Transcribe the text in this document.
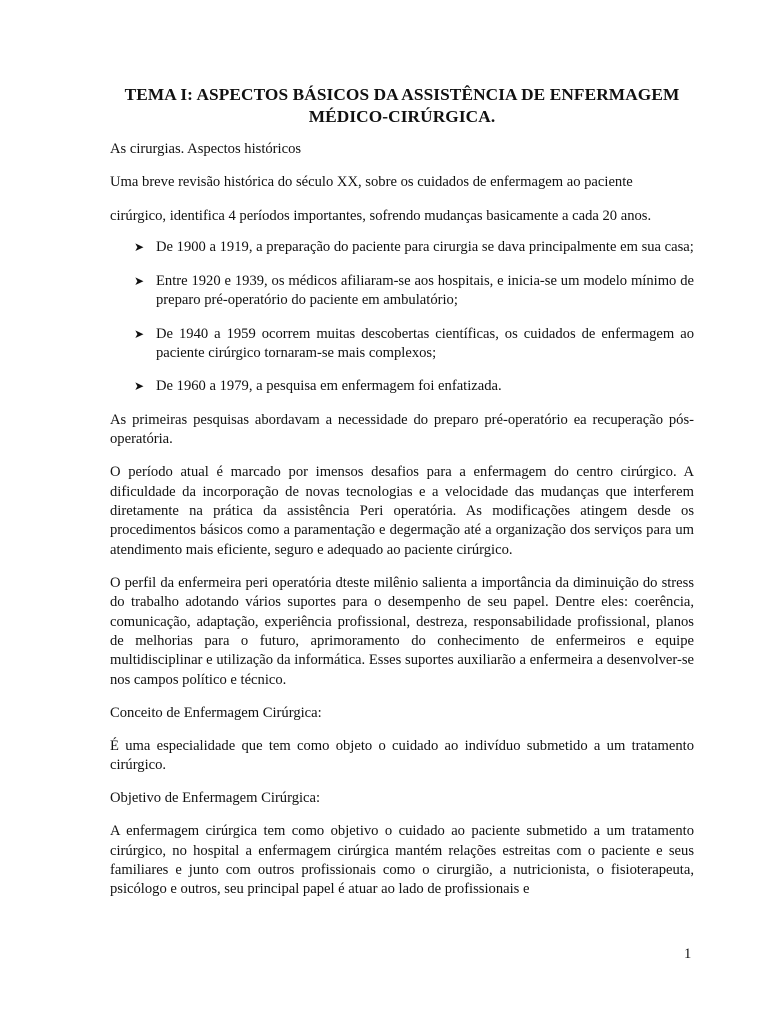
TEMA I: ASPECTOS BÁSICOS DA ASSISTÊNCIA DE ENFERMAGEM
MÉDICO-CIRÚRGICA.

As cirurgias. Aspectos históricos

Uma breve revisão histórica do século XX, sobre os cuidados de enfermagem ao paciente

cirúrgico, identifica 4 períodos importantes, sofrendo mudanças basicamente a cada 20 anos.

➤ De 1900 a 1919, a preparação do paciente para cirurgia se dava principalmente em sua casa;
➤ Entre 1920 e 1939, os médicos afiliaram-se aos hospitais, e inicia-se um modelo mínimo de preparo pré-operatório do paciente em ambulatório;
➤ De 1940 a 1959 ocorrem muitas descobertas científicas, os cuidados de enfermagem ao paciente cirúrgico tornaram-se mais complexos;
➤ De 1960 a 1979, a pesquisa em enfermagem foi enfatizada.

As primeiras pesquisas abordavam a necessidade do preparo pré-operatório ea recuperação pós-operatória.

O período atual é marcado por imensos desafios para a enfermagem do centro cirúrgico. A dificuldade da incorporação de novas tecnologias e a velocidade das mudanças que interferem diretamente na prática da assistência Peri operatória. As modificações atingem desde os procedimentos básicos como a paramentação e degermação até a organização dos serviços para um atendimento mais eficiente, seguro e adequado ao paciente cirúrgico.

O perfil da enfermeira peri operatória dteste milênio salienta a importância da diminuição do stress do trabalho adotando vários suportes para o desempenho de seu papel. Dentre eles: coerência, comunicação, adaptação, experiência profissional, destreza, responsabilidade profissional, planos de melhorias para o futuro, aprimoramento do conhecimento de enfermeiros e equipe multidisciplinar e utilização da informática. Esses suportes auxiliarão a enfermeira a desenvolver-se nos campos político e técnico.

Conceito de Enfermagem Cirúrgica:

É uma especialidade que tem como objeto o cuidado ao indivíduo submetido a um tratamento cirúrgico.

Objetivo de Enfermagem Cirúrgica:

A enfermagem cirúrgica tem como objetivo o cuidado ao paciente submetido a um tratamento cirúrgico, no hospital a enfermagem cirúrgica mantém relações estreitas com o paciente e seus familiares e junto com outros profissionais como o cirurgião, a nutricionista, o fisioterapeuta, psicólogo e outros, seu principal papel é atuar ao lado de profissionais e

1
